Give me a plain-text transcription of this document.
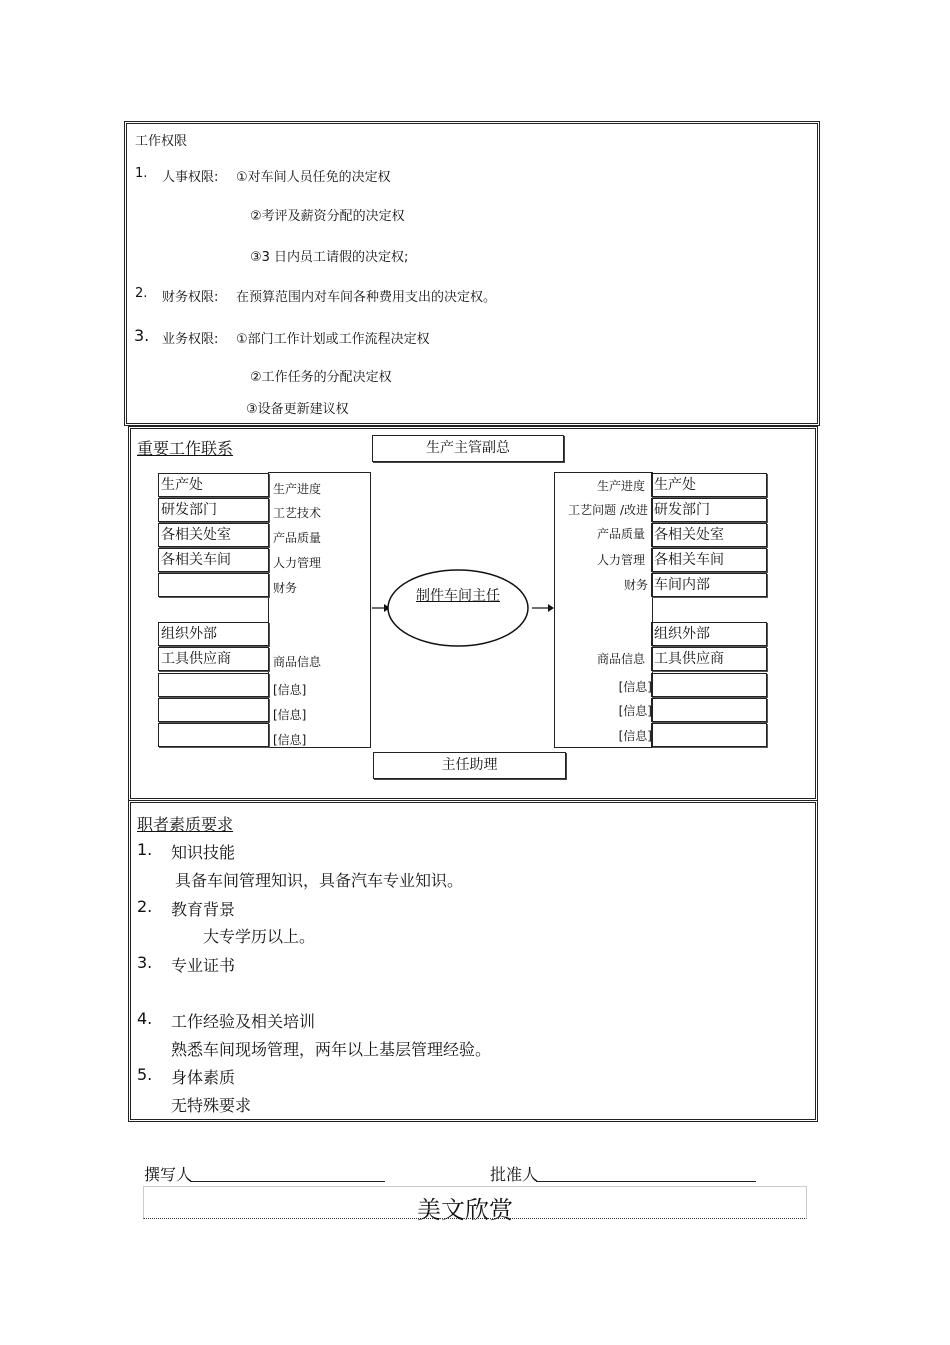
工作权限
1. 人事权限: ①对车间人员任免的决定权
②考评及薪资分配的决定权
③3 日内员工请假的决定权;
2. 财务权限: 在预算范围内对车间各种费用支出的决定权。
3. 业务权限: ①部门工作计划或工作流程决定权
②工作任务的分配决定权
③设备更新建议权
重要工作联系	生产主管副总
主任助理
生产处
研发部门
各相关处室
各相关车间
生产进度
工艺技术
产品质量
人力管理
财务
组织外部
工具供应商	商品信息
[信息]
[信息]
[信息]
生产进度
工艺问题 /改进
产品质量
人力管理
财务
生产处
研发部门
各相关处室
各相关车间
车间内部
商品信息
[信息]
[信息]
[信息]
组织外部
工具供应商
制件车间主任
职者素质要求
1. 知识技能
具备车间管理知识，具备汽车专业知识。
2. 教育背景
大专学历以上。
3. 专业证书
4. 工作经验及相关培训
熟悉车间现场管理，两年以上基层管理经验。
5. 身体素质
无特殊要求
撰写人	批准人
美文欣赏
